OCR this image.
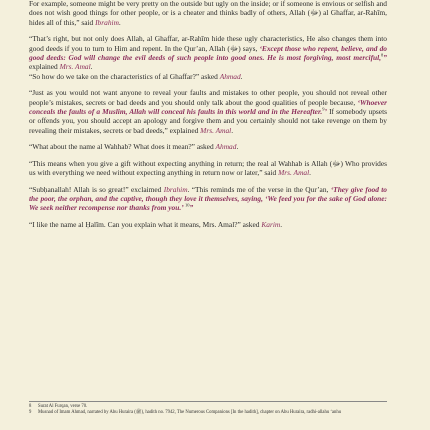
For example, someone might be very pretty on the outside but ugly on the inside; or if someone is envious or selfish and does not wish good things for other people, or is a cheater and thinks badly of others, Allah (ﷻ) al Ghaffar, ar-Rahīm, hides all of this,” said Ibrahim.

“That’s right, but not only does Allah, al Ghaffar, ar-Rahīm hide these ugly characteristics, He also changes them into good deeds if you to turn to Him and repent. In the Qur’an, Allah (ﷻ) says, ‘Except those who repent, believe, and do good deeds: God will change the evil deeds of such people into good ones. He is most forgiving, most merciful,$^8$” explained Mrs. Amal.
“So how do we take on the characteristics of al Ghaffar?” asked Ahmad.

“Just as you would not want anyone to reveal your faults and mistakes to other people, you should not reveal other people’s mistakes, secrets or bad deeds and you should only talk about the good qualities of people because, ‘Whoever conceals the faults of a Muslim, Allah will conceal his faults in this world and in the Hereafter.$^9$’ If somebody upsets or offends you, you should accept an apology and forgive them and you certainly should not take revenge on them by revealing their mistakes, secrets or bad deeds,” explained Mrs. Amal.

“What about the name al Wahhab? What does it mean?” asked Ahmad.

“This means when you give a gift without expecting anything in return; the real al Wahhab is Allah (ﷻ) Who provides us with everything we need without expecting anything in return now or later,” said Mrs. Amal.

“Subḥanallah! Allah is so great!” exclaimed Ibrahim. “This reminds me of the verse in the Qur’an, ‘They give food to the poor, the orphan, and the captive, though they love it themselves, saying, ‘We feed you for the sake of God alone: We seek neither recompense nor thanks from you.’ $^{10}$”

“I like the name al Ḥalīm. Can you explain what it means, Mrs. Amal?” asked Karim.

8	Surat Al Furqan, verse 70.
9	Musnad of Imam Ahmad, narrated by Abu Huraira (ﷺ), hadith no. 7942, The Numerous Companions [In the hadith], chapter on Abu Huraira, radhi-allahu ‘anhu
